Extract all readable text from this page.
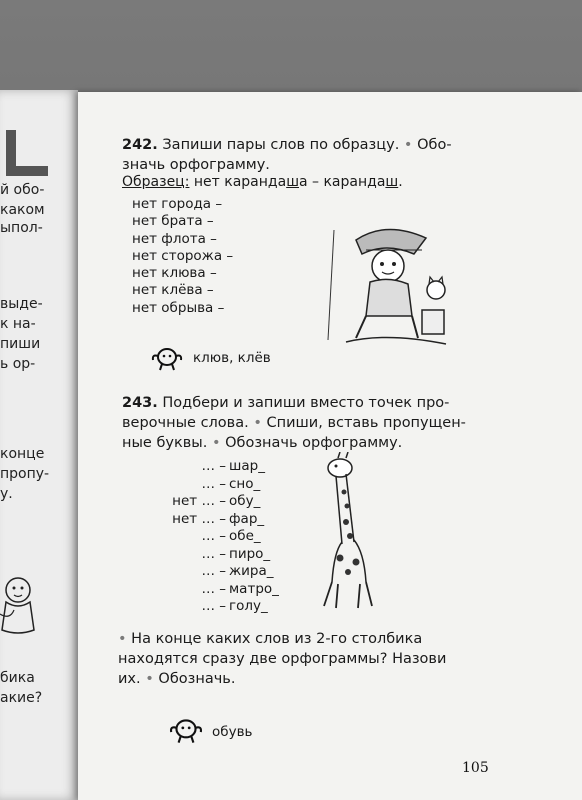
й обо-
каком
ыпол-
выде-
к на-
пиши
ь ор-
конце
пропу-
у.
бика
акие?
242. Запиши пары слов по образцу. • Обо-
значь орфограмму.
Образец: нет карандаша – карандаш.
нет города –
нет брата –
нет флота –
нет сторожа –
нет клюва –
нет клёва –
нет обрыва –
клюв, клёв
243. Подбери и запиши вместо точек про-
верочные слова. • Спиши, вставь пропущен-
ные буквы. • Обозначь орфограмму.
… –
… –
нет … –
нет … –
… –
… –
… –
… –
… –
шар_
сно_
обу_
фар_
обе_
пиро_
жира_
матро_
голу_
• На конце каких слов из 2-го столбика
находятся сразу две орфограммы? Назови
их. • Обозначь.
обувь
105
